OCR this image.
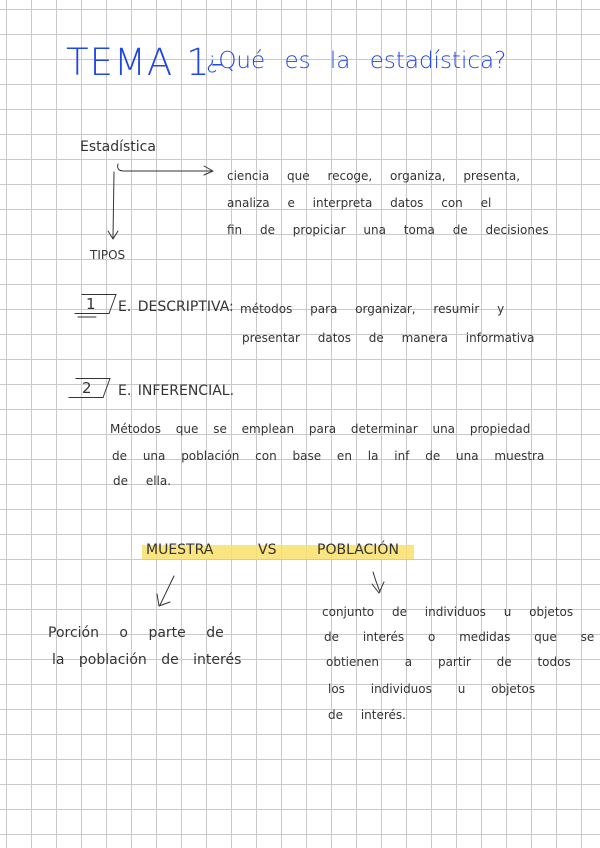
TEMA 1-
¿Qué es la estadística?
Estadística
ciencia que recoge, organiza, presenta,
analiza e interpreta datos con el
fin de propiciar una toma de decisiones
TIPOS
1 E. DESCRIPTIVA: métodos para organizar, resumir y
presentar datos de manera informativa
2 E. INFERENCIAL.
Métodos que se emplean para determinar una propiedad
de una población con base en la inf de una muestra
de ella.
MUESTRA	VS	POBLACIÓN
Porción o parte de
la población de interés
conjunto de individuos u objetos
de interés o medidas que se
obtienen a partir de todos
los individuos u objetos
de interés.
